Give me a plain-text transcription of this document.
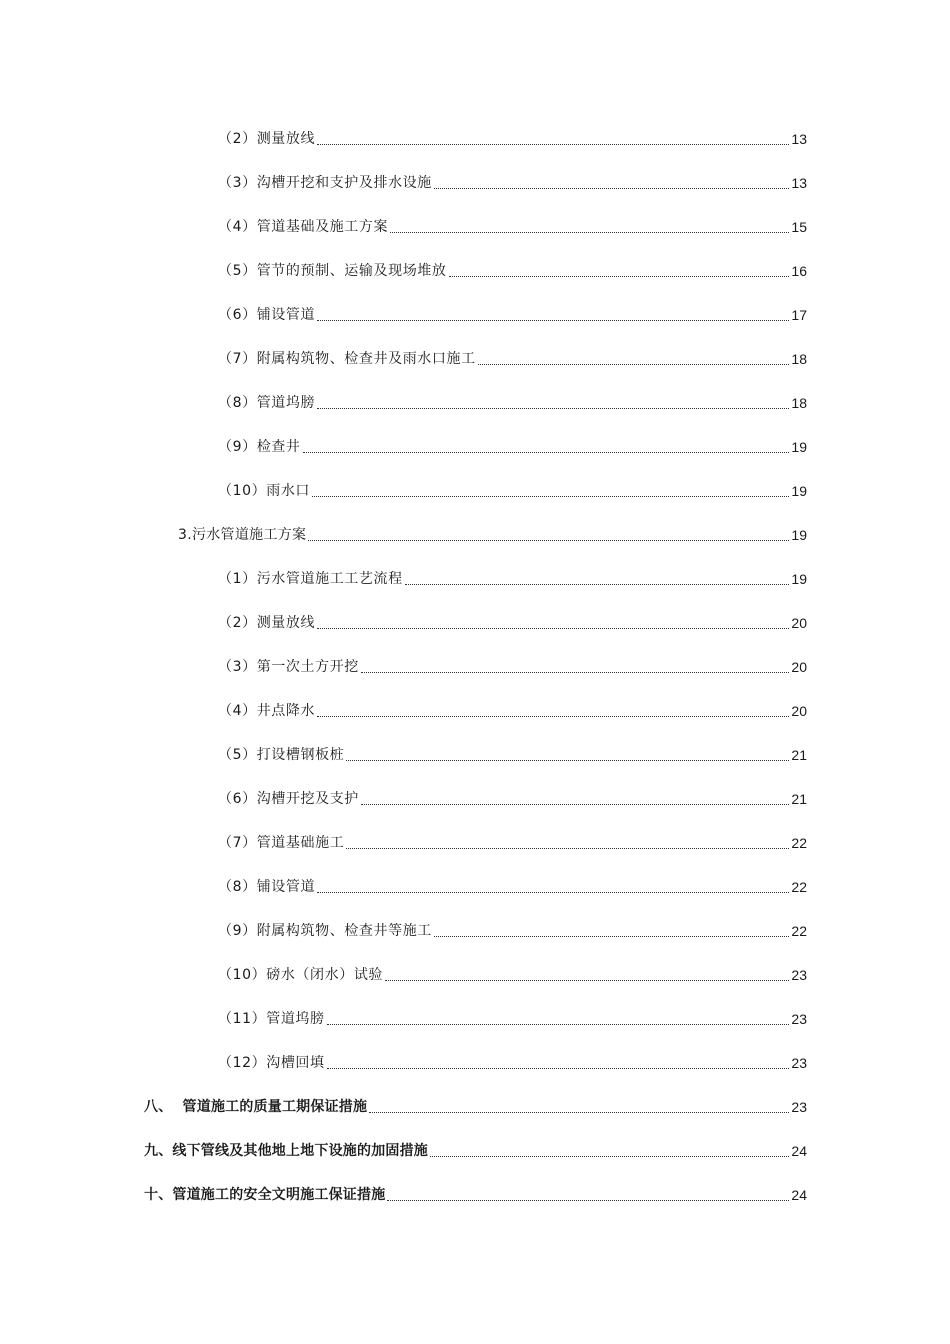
（2）测量放线	13
（3）沟槽开挖和支护及排水设施	13
（4）管道基础及施工方案	15
（5）管节的预制、运输及现场堆放	16
（6）铺设管道	17
（7）附属构筑物、检查井及雨水口施工	18
（8）管道坞膀	18
（9）检查井	19
（10）雨水口	19
3.污水管道施工方案	19
（1）污水管道施工工艺流程	19
（2）测量放线	20
（3）第一次土方开挖	20
（4）井点降水	20
（5）打设槽钢板桩	21
（6）沟槽开挖及支护	21
（7）管道基础施工	22
（8）铺设管道	22
（9）附属构筑物、检查井等施工	22
（10）磅水（闭水）试验	23
（11）管道坞膀	23
（12）沟槽回填	23
八、  管道施工的质量工期保证措施	23
九、线下管线及其他地上地下设施的加固措施	24
十、管道施工的安全文明施工保证措施	24
